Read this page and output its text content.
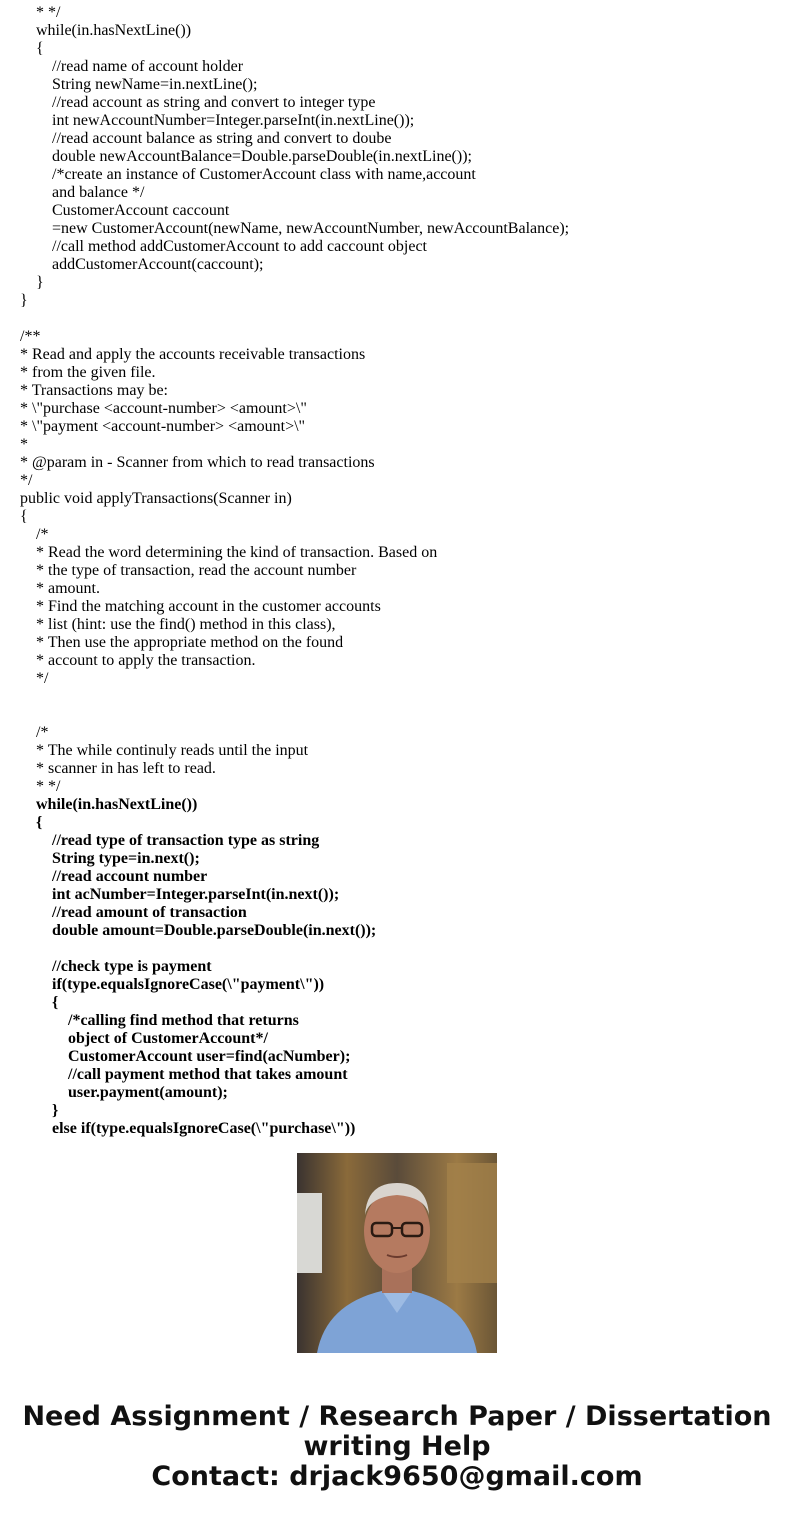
* */
while(in.hasNextLine())
{
//read name of account holder
String newName=in.nextLine();
//read account as string and convert to integer type
int newAccountNumber=Integer.parseInt(in.nextLine());
//read account balance as string and convert to doube
double newAccountBalance=Double.parseDouble(in.nextLine());
/*create an instance of CustomerAccount class with name,account
and balance */
CustomerAccount caccount
=new CustomerAccount(newName, newAccountNumber, newAccountBalance);
//call method addCustomerAccount to add caccount object
addCustomerAccount(caccount);
}
}
/**
* Read and apply the accounts receivable transactions
* from the given file.
* Transactions may be:
* \"purchase <account-number> <amount>\"
* \"payment <account-number> <amount>\"
*
* @param in - Scanner from which to read transactions
*/
public void applyTransactions(Scanner in)
{
/*
* Read the word determining the kind of transaction. Based on
* the type of transaction, read the account number
* amount.
* Find the matching account in the customer accounts
* list (hint: use the find() method in this class),
* Then use the appropriate method on the found
* account to apply the transaction.
*/
/*
* The while continuly reads until the input
* scanner in has left to read.
* */
while(in.hasNextLine())
{
//read type of transaction type as string
String type=in.next();
//read account number
int acNumber=Integer.parseInt(in.next());
//read amount of transaction
double amount=Double.parseDouble(in.next());
//check type is payment
if(type.equalsIgnoreCase(\"payment\"))
{
/*calling find method that returns
object of CustomerAccount*/
CustomerAccount user=find(acNumber);
//call payment method that takes amount
user.payment(amount);
}
else if(type.equalsIgnoreCase(\"purchase\"))
Need Assignment / Research Paper / Dissertation
writing Help
Contact: drjack9650@gmail.com
